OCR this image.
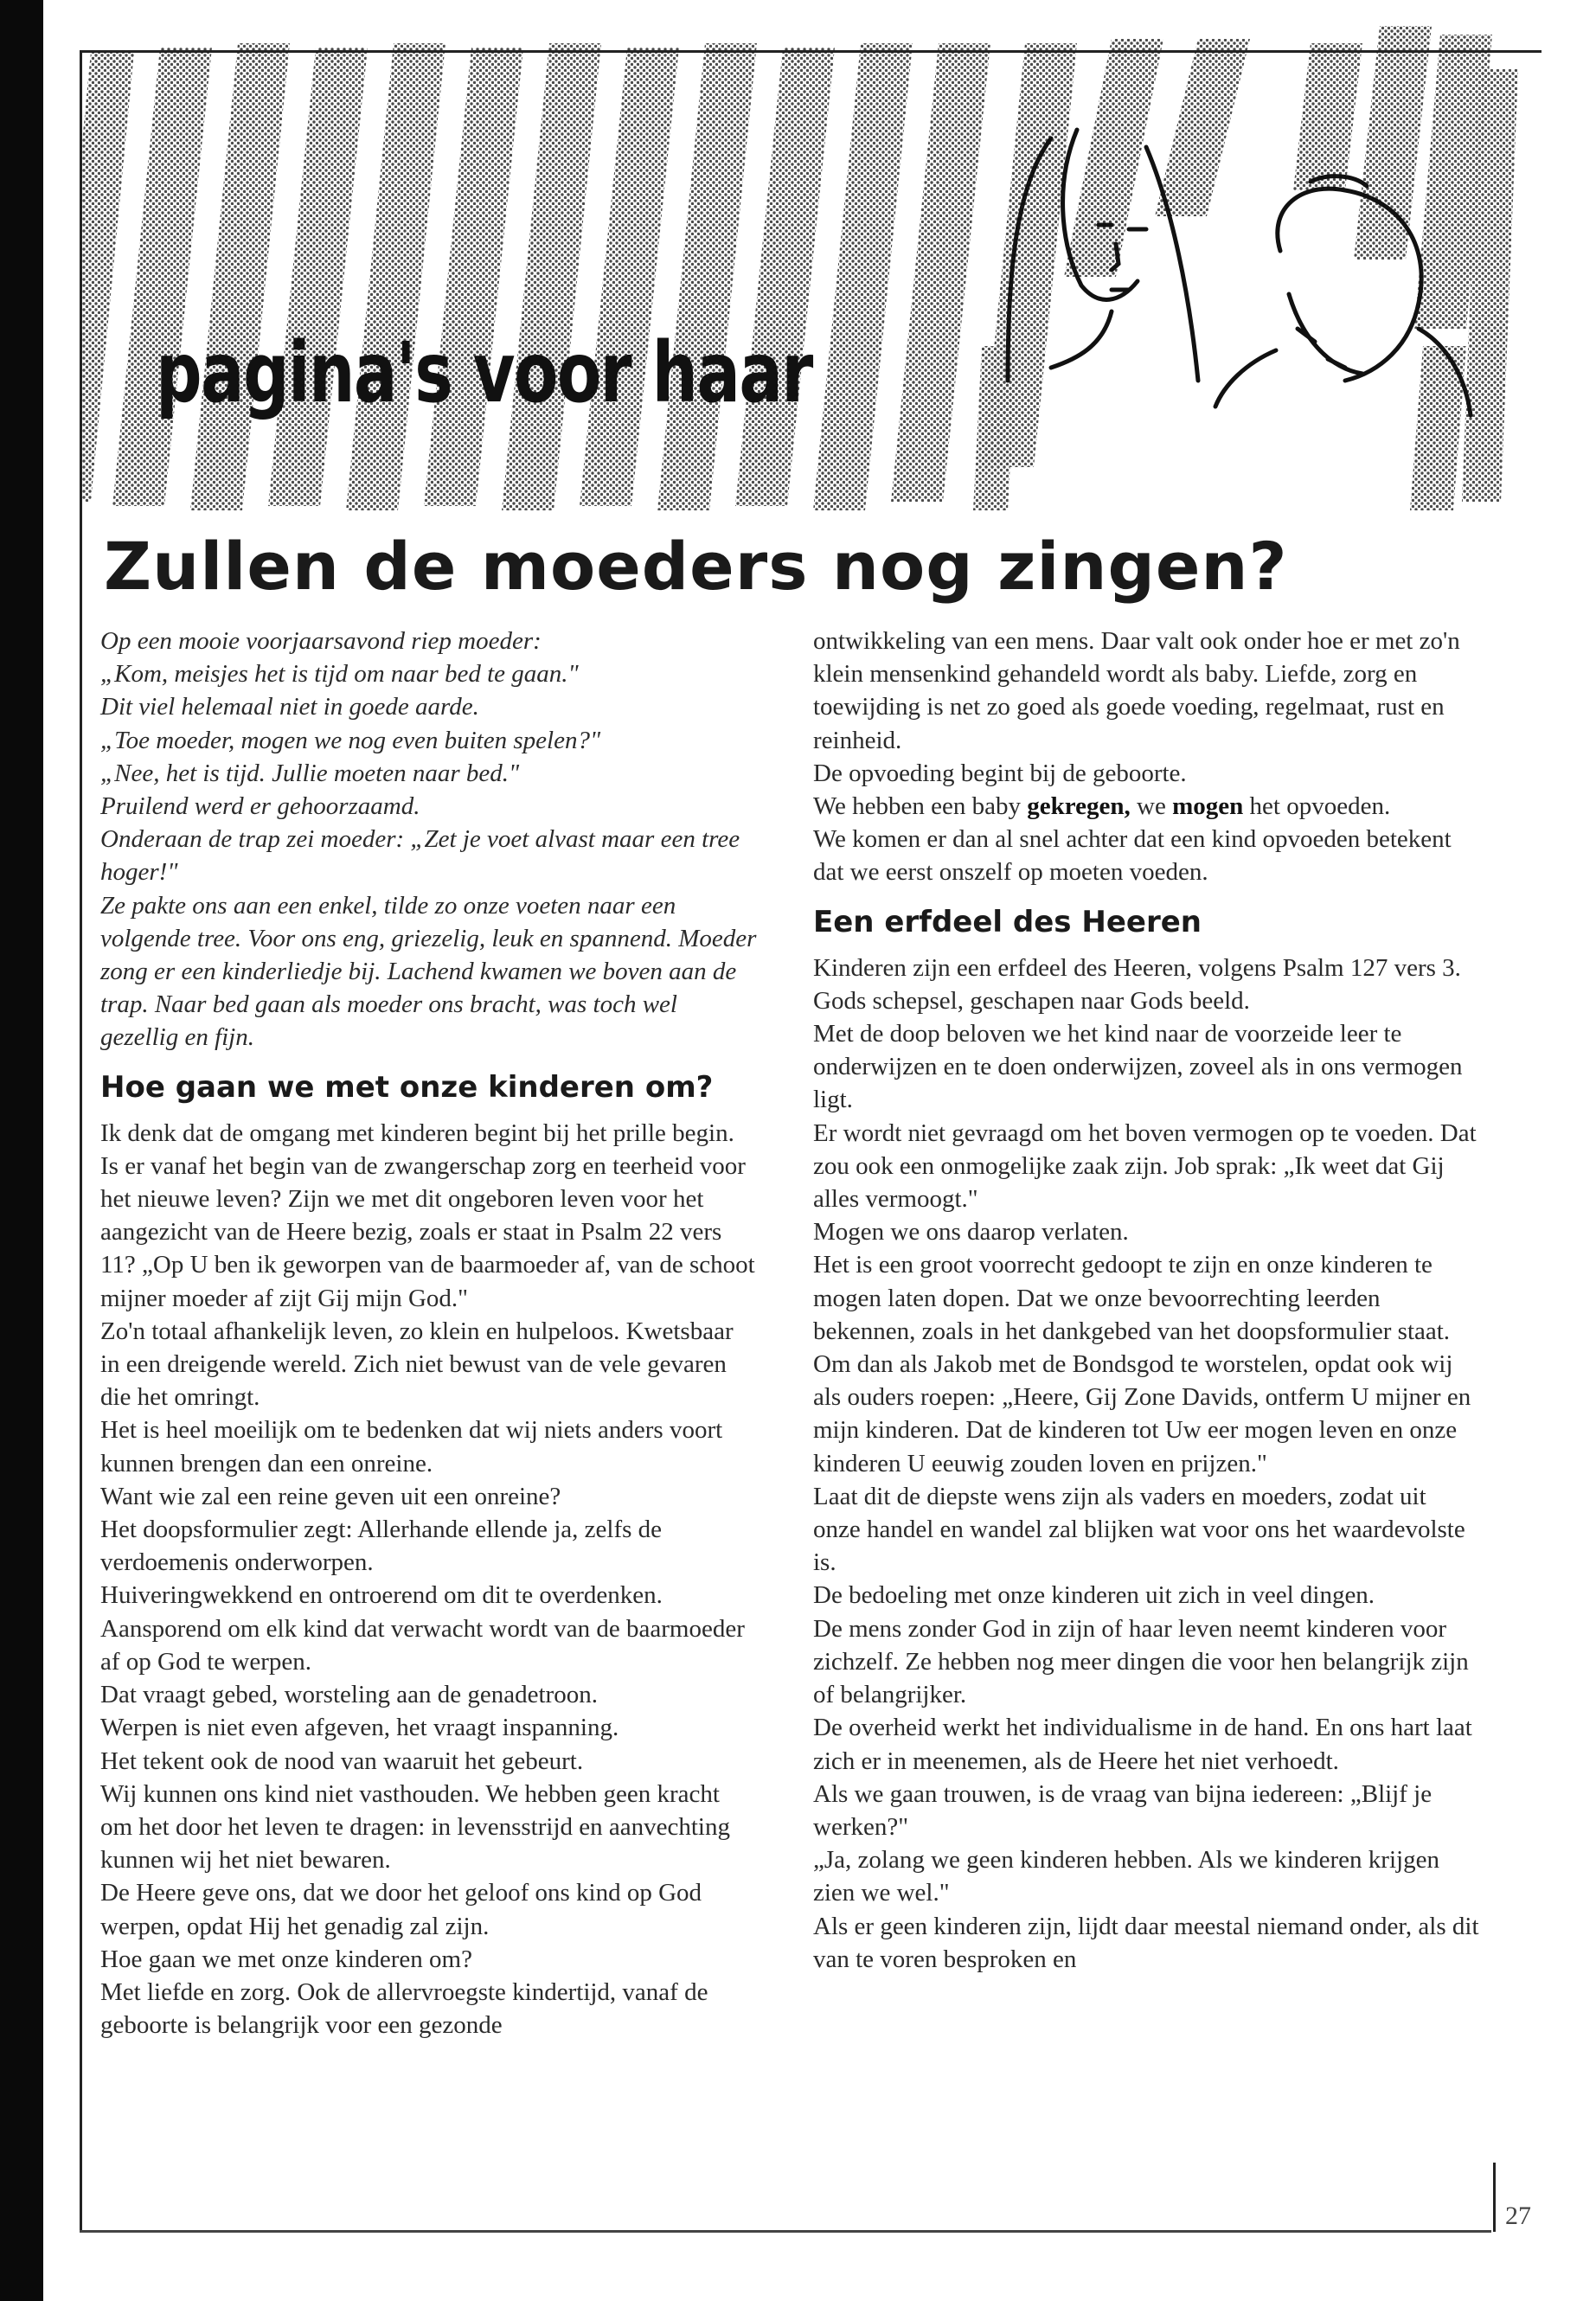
pagina's voor haar
Zullen de moeders nog zingen?

Op een mooie voorjaarsavond riep moeder:

„Kom, meisjes het is tijd om naar bed te gaan."

Dit viel helemaal niet in goede aarde.

„Toe moeder, mogen we nog even buiten spelen?"

„Nee, het is tijd. Jullie moeten naar bed."

Pruilend werd er gehoorzaamd.

Onderaan de trap zei moeder: „Zet je voet alvast maar een tree hoger!"

Ze pakte ons aan een enkel, tilde zo onze voeten naar een volgende tree. Voor ons eng, griezelig, leuk en spannend. Moeder zong er een kinderliedje bij. Lachend kwamen we boven aan de trap. Naar bed gaan als moeder ons bracht, was toch wel gezellig en fijn.

Hoe gaan we met onze kinderen om?

Ik denk dat de omgang met kinderen begint bij het prille begin. Is er vanaf het begin van de zwangerschap zorg en teerheid voor het nieuwe leven? Zijn we met dit ongeboren leven voor het aangezicht van de Heere bezig, zoals er staat in Psalm 22 vers 11? „Op U ben ik geworpen van de baarmoeder af, van de schoot mijner moeder af zijt Gij mijn God."

Zo'n totaal afhankelijk leven, zo klein en hulpeloos. Kwetsbaar in een dreigende wereld. Zich niet bewust van de vele gevaren die het omringt.

Het is heel moeilijk om te bedenken dat wij niets anders voort kunnen brengen dan een onreine.

Want wie zal een reine geven uit een onreine?

Het doopsformulier zegt: Allerhande ellende ja, zelfs de verdoemenis onderworpen.

Huiveringwekkend en ontroerend om dit te overdenken. Aansporend om elk kind dat verwacht wordt van de baarmoeder af op God te werpen.

Dat vraagt gebed, worsteling aan de genadetroon.

Werpen is niet even afgeven, het vraagt inspanning.

Het tekent ook de nood van waaruit het gebeurt.

Wij kunnen ons kind niet vasthouden. We hebben geen kracht om het door het leven te dragen: in levensstrijd en aanvechting kunnen wij het niet bewaren.

De Heere geve ons, dat we door het geloof ons kind op God werpen, opdat Hij het genadig zal zijn.

Hoe gaan we met onze kinderen om?

Met liefde en zorg. Ook de allervroegste kindertijd, vanaf de geboorte is belangrijk voor een gezonde

ontwikkeling van een mens. Daar valt ook onder hoe er met zo'n klein mensenkind gehandeld wordt als baby. Liefde, zorg en toewijding is net zo goed als goede voeding, regelmaat, rust en reinheid.

De opvoeding begint bij de geboorte.

We hebben een baby gekregen, we mogen het opvoeden.

We komen er dan al snel achter dat een kind opvoeden betekent dat we eerst onszelf op moeten voeden.

Een erfdeel des Heeren

Kinderen zijn een erfdeel des Heeren, volgens Psalm 127 vers 3. Gods schepsel, geschapen naar Gods beeld.

Met de doop beloven we het kind naar de voorzeide leer te onderwijzen en te doen onderwijzen, zoveel als in ons vermogen ligt.

Er wordt niet gevraagd om het boven vermogen op te voeden. Dat zou ook een onmogelijke zaak zijn. Job sprak: „Ik weet dat Gij alles vermoogt."

Mogen we ons daarop verlaten.

Het is een groot voorrecht gedoopt te zijn en onze kinderen te mogen laten dopen. Dat we onze bevoorrechting leerden bekennen, zoals in het dankgebed van het doopsformulier staat. Om dan als Jakob met de Bondsgod te worstelen, opdat ook wij als ouders roepen: „Heere, Gij Zone Davids, ontferm U mijner en mijn kinderen. Dat de kinderen tot Uw eer mogen leven en onze kinderen U eeuwig zouden loven en prijzen."

Laat dit de diepste wens zijn als vaders en moeders, zodat uit onze handel en wandel zal blijken wat voor ons het waardevolste is.

De bedoeling met onze kinderen uit zich in veel dingen.

De mens zonder God in zijn of haar leven neemt kinderen voor zichzelf. Ze hebben nog meer dingen die voor hen belangrijk zijn of belangrijker.

De overheid werkt het individualisme in de hand. En ons hart laat zich er in meenemen, als de Heere het niet verhoedt.

Als we gaan trouwen, is de vraag van bijna iedereen: „Blijf je werken?"

„Ja, zolang we geen kinderen hebben. Als we kinderen krijgen zien we wel."

Als er geen kinderen zijn, lijdt daar meestal niemand onder, als dit van te voren besproken en

27
